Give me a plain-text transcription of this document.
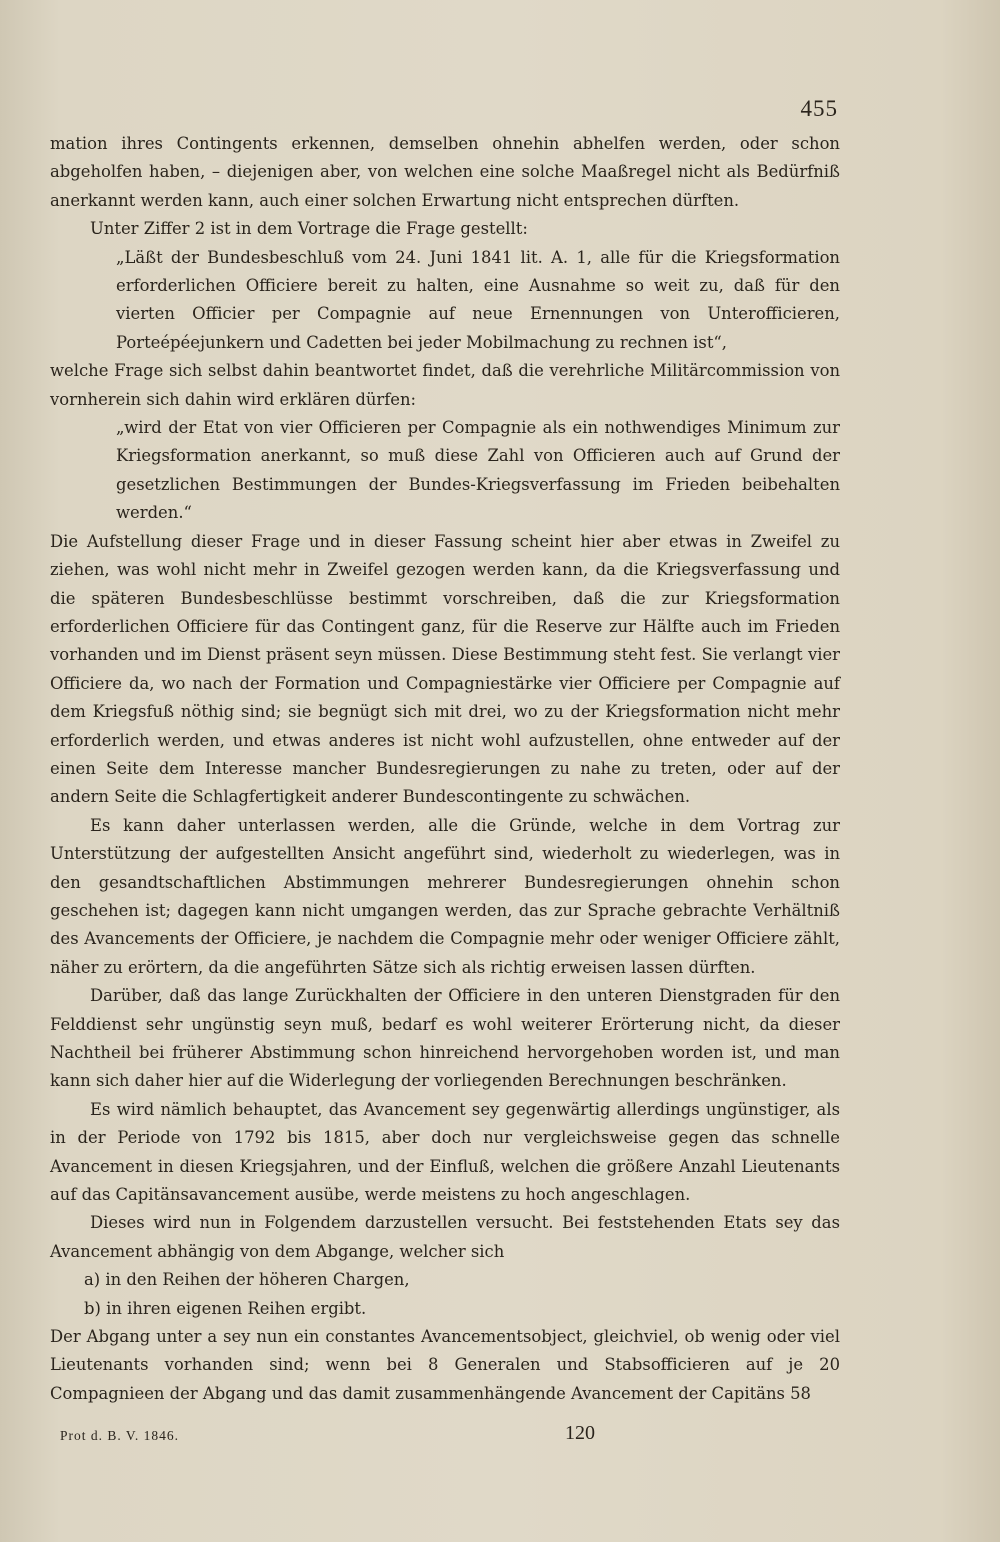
455

mation ihres Contingents erkennen, demselben ohnehin abhelfen werden, oder schon abgeholfen haben, – diejenigen aber, von welchen eine solche Maaßregel nicht als Bedürfniß anerkannt werden kann, auch einer solchen Erwartung nicht entsprechen dürften.

Unter Ziffer 2 ist in dem Vortrage die Frage gestellt:

„Läßt der Bundesbeschluß vom 24. Juni 1841 lit. A. 1, alle für die Kriegsformation erforderlichen Officiere bereit zu halten, eine Ausnahme so weit zu, daß für den vierten Officier per Compagnie auf neue Ernennungen von Unterofficieren, Porteépéejunkern und Cadetten bei jeder Mobilmachung zu rechnen ist“,

welche Frage sich selbst dahin beantwortet findet, daß die verehrliche Militärcommission von vornherein sich dahin wird erklären dürfen:

„wird der Etat von vier Officieren per Compagnie als ein nothwendiges Minimum zur Kriegsformation anerkannt, so muß diese Zahl von Officieren auch auf Grund der gesetzlichen Bestimmungen der Bundes-Kriegsverfassung im Frieden beibehalten werden.“

Die Aufstellung dieser Frage und in dieser Fassung scheint hier aber etwas in Zweifel zu ziehen, was wohl nicht mehr in Zweifel gezogen werden kann, da die Kriegsverfassung und die späteren Bundesbeschlüsse bestimmt vorschreiben, daß die zur Kriegsformation erforderlichen Officiere für das Contingent ganz, für die Reserve zur Hälfte auch im Frieden vorhanden und im Dienst präsent seyn müssen. Diese Bestimmung steht fest. Sie verlangt vier Officiere da, wo nach der Formation und Compagniestärke vier Officiere per Compagnie auf dem Kriegsfuß nöthig sind; sie begnügt sich mit drei, wo zu der Kriegsformation nicht mehr erforderlich werden, und etwas anderes ist nicht wohl aufzustellen, ohne entweder auf der einen Seite dem Interesse mancher Bundesregierungen zu nahe zu treten, oder auf der andern Seite die Schlagfertigkeit anderer Bundescontingente zu schwächen.

Es kann daher unterlassen werden, alle die Gründe, welche in dem Vortrag zur Unterstützung der aufgestellten Ansicht angeführt sind, wiederholt zu wiederlegen, was in den gesandtschaftlichen Abstimmungen mehrerer Bundesregierungen ohnehin schon geschehen ist; dagegen kann nicht umgangen werden, das zur Sprache gebrachte Verhältniß des Avancements der Officiere, je nachdem die Compagnie mehr oder weniger Officiere zählt, näher zu erörtern, da die angeführten Sätze sich als richtig erweisen lassen dürften.

Darüber, daß das lange Zurückhalten der Officiere in den unteren Dienstgraden für den Felddienst sehr ungünstig seyn muß, bedarf es wohl weiterer Erörterung nicht, da dieser Nachtheil bei früherer Abstimmung schon hinreichend hervorgehoben worden ist, und man kann sich daher hier auf die Widerlegung der vorliegenden Berechnungen beschränken.

Es wird nämlich behauptet, das Avancement sey gegenwärtig allerdings ungünstiger, als in der Periode von 1792 bis 1815, aber doch nur vergleichsweise gegen das schnelle Avancement in diesen Kriegsjahren, und der Einfluß, welchen die größere Anzahl Lieutenants auf das Capitänsavancement ausübe, werde meistens zu hoch angeschlagen.

Dieses wird nun in Folgendem darzustellen versucht. Bei feststehenden Etats sey das Avancement abhängig von dem Abgange, welcher sich

a) in den Reihen der höheren Chargen,

b) in ihren eigenen Reihen ergibt.

Der Abgang unter a sey nun ein constantes Avancementsobject, gleichviel, ob wenig oder viel Lieutenants vorhanden sind; wenn bei 8 Generalen und Stabsofficieren auf je 20 Compagnieen der Abgang und das damit zusammenhängende Avancement der Capitäns 58

Prot d. B. V. 1846.	120
